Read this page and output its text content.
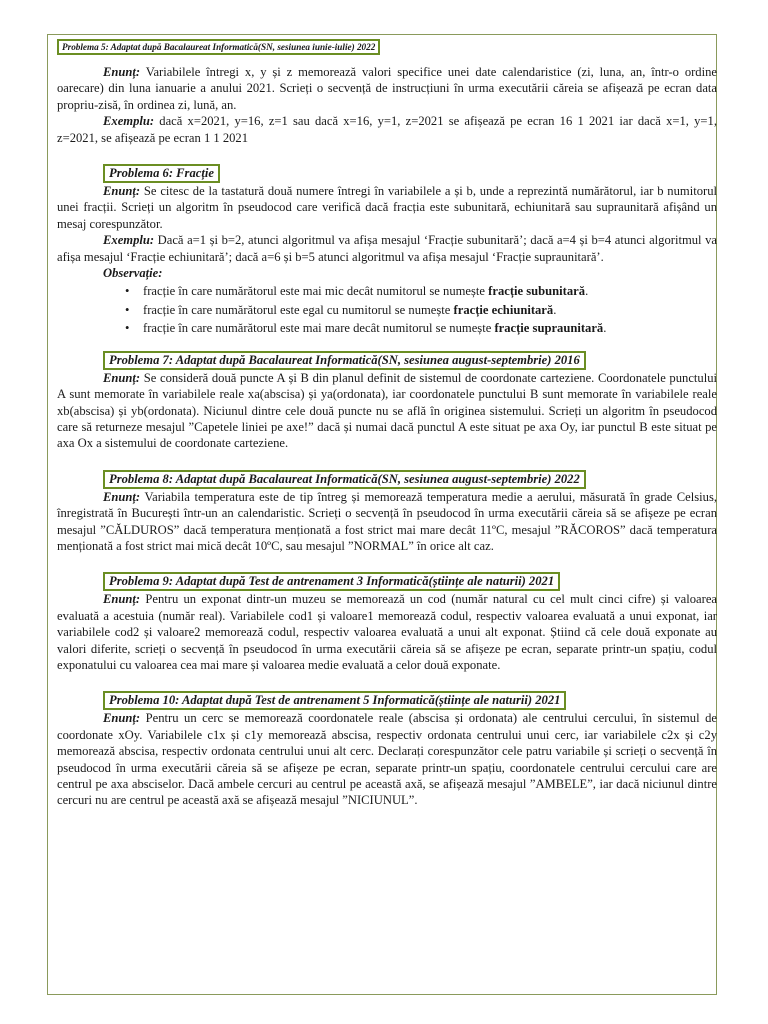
Problema 5: Adaptat după Bacalaureat Informatică(SN, sesiunea iunie-iulie) 2022

Enunț: Variabilele întregi x, y și z memorează valori specifice unei date calendaristice (zi, luna, an, într-o ordine oarecare) din luna ianuarie a anului 2021. Scrieți o secvență de instrucțiuni în urma executării căreia se afișează pe ecran data propriu-zisă, în ordinea zi, lună, an.

Exemplu: dacă x=2021, y=16, z=1 sau dacă x=16, y=1, z=2021 se afișează pe ecran 16 1 2021 iar dacă x=1, y=1, z=2021, se afișează pe ecran 1 1 2021

Problema 6: Fracție

Enunț: Se citesc de la tastatură două numere întregi în variabilele a și b, unde a reprezintă numărătorul, iar b numitorul unei fracții. Scrieți un algoritm în pseudocod care verifică dacă fracția este subunitară, echiunitară sau supraunitară afișând un mesaj corespunzător.

Exemplu: Dacă a=1 și b=2, atunci algoritmul va afișa mesajul ‘Fracție subunitară’; dacă a=4 și b=4 atunci algoritmul va afișa mesajul ‘Fracție echiunitară’; dacă a=6 și b=5 atunci algoritmul va afișa mesajul ‘Fracție supraunitară’.

Observație:
• fracție în care numărătorul este mai mic decât numitorul se numește fracție subunitară.
• fracție în care numărătorul este egal cu numitorul se numește fracție echiunitară.
• fracție în care numărătorul este mai mare decât numitorul se numește fracție supraunitară.
Problema 7: Adaptat după Bacalaureat Informatică(SN, sesiunea august-septembrie) 2016

Enunț: Se consideră două puncte A și B din planul definit de sistemul de coordonate carteziene. Coordonatele punctului A sunt memorate în variabilele reale xa(abscisa) și ya(ordonata), iar coordonatele punctului B sunt memorate în variabilele reale xb(abscisa) și yb(ordonata). Niciunul dintre cele două puncte nu se află în originea sistemului. Scrieți un algoritm în pseudocod care să returneze mesajul ”Capetele liniei pe axe!” dacă și numai dacă punctul A este situat pe axa Oy, iar punctul B este situat pe axa Ox a sistemului de coordonate carteziene.

Problema 8: Adaptat după Bacalaureat Informatică(SN, sesiunea august-septembrie) 2022

Enunț: Variabila temperatura este de tip întreg și memorează temperatura medie a aerului, măsurată în grade Celsius, înregistrată în București într-un an calendaristic. Scrieți o secvență în pseudocod în urma executării căreia să se afișeze pe ecran mesajul ”CĂLDUROS” dacă temperatura menționată a fost strict mai mare decât 11ºC, mesajul ”RĂCOROS” dacă temperatura menționată a fost strict mai mică decât 10ºC, sau mesajul ”NORMAL” în orice alt caz.

Problema 9: Adaptat după Test de antrenament 3 Informatică(științe ale naturii) 2021

Enunț: Pentru un exponat dintr-un muzeu se memorează un cod (număr natural cu cel mult cinci cifre) și valoarea evaluată a acestuia (număr real). Variabilele cod1 și valoare1 memorează codul, respectiv valoarea evaluată a unui exponat, iar variabilele cod2 și valoare2 memorează codul, respectiv valoarea evaluată a unui alt exponat. Știind că cele două exponate au valori diferite, scrieți o secvență în pseudocod în urma executării căreia să se afișeze pe ecran, separate printr-un spațiu, codul exponatului cu valoarea cea mai mare și valoarea medie evaluată a celor două exponate.

Problema 10: Adaptat după Test de antrenament 5 Informatică(științe ale naturii) 2021

Enunț: Pentru un cerc se memorează coordonatele reale (abscisa și ordonata) ale centrului cercului, în sistemul de coordonate xOy. Variabilele c1x și c1y memorează abscisa, respectiv ordonata centrului unui cerc, iar variabilele c2x și c2y memorează abscisa, respectiv ordonata centrului unui alt cerc. Declarați corespunzător cele patru variabile și scrieți o secvență în pseudocod în urma executării căreia să se afișeze pe ecran, separate printr-un spațiu, coordonatele centrului cercului care are centrul pe axa absciselor. Dacă ambele cercuri au centrul pe această axă, se afișează mesajul ”AMBELE”, iar dacă niciunul dintre cercuri nu are centrul pe această axă se afișează mesajul ”NICIUNUL”.
